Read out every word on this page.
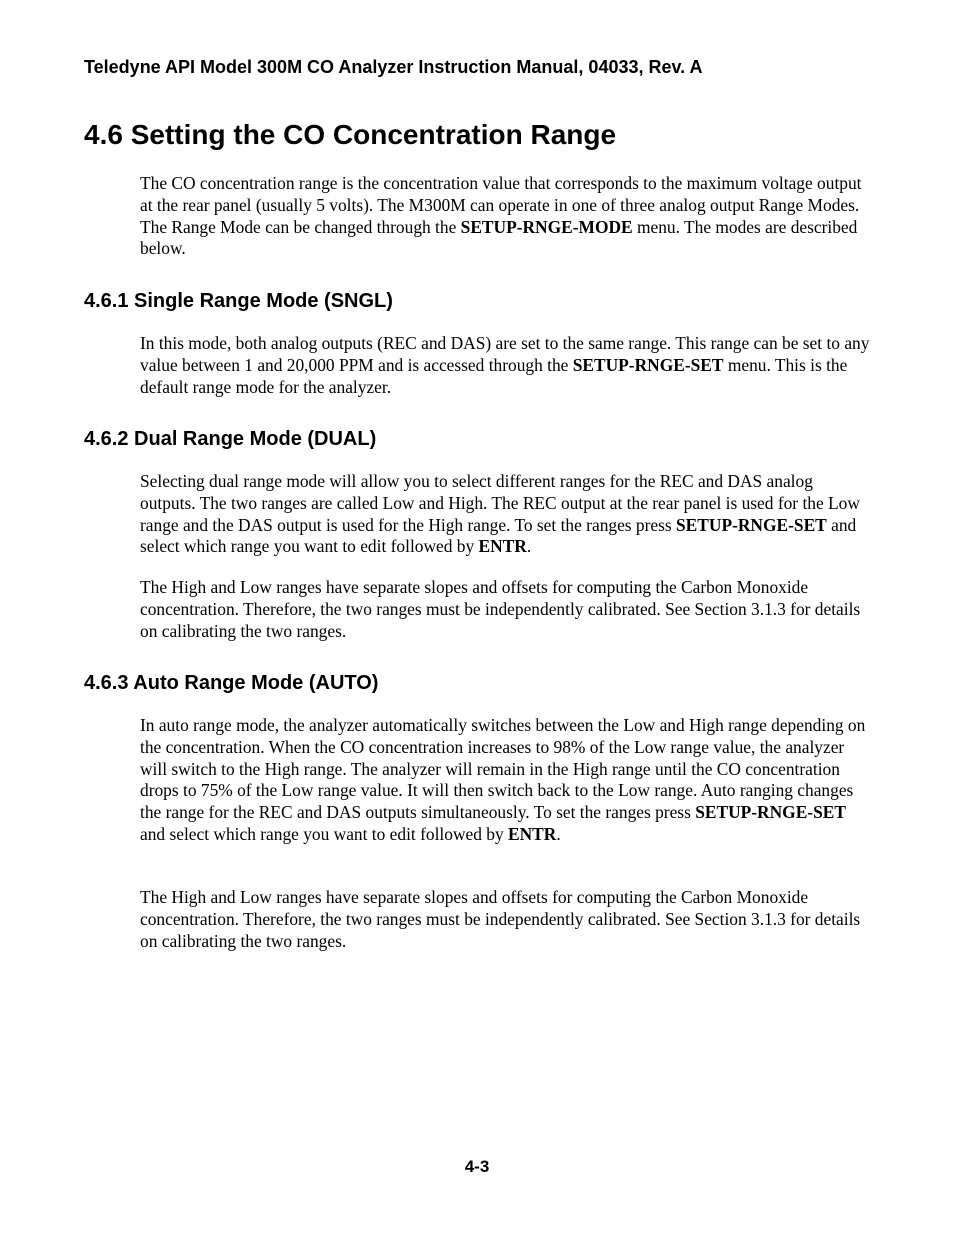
Teledyne API Model 300M CO Analyzer Instruction Manual, 04033, Rev. A
4.6 Setting the CO Concentration Range

The CO concentration range is the concentration value that corresponds to the maximum voltage output at the rear panel (usually 5 volts). The M300M can operate in one of three analog output Range Modes. The Range Mode can be changed through the SETUP-RNGE-MODE menu. The modes are described below.

4.6.1 Single Range Mode (SNGL)

In this mode, both analog outputs (REC and DAS) are set to the same range. This range can be set to any value between 1 and 20,000 PPM and is accessed through the SETUP-RNGE-SET menu. This is the default range mode for the analyzer.

4.6.2 Dual Range Mode (DUAL)

Selecting dual range mode will allow you to select different ranges for the REC and DAS analog outputs. The two ranges are called Low and High. The REC output at the rear panel is used for the Low range and the DAS output is used for the High range. To set the ranges press SETUP-RNGE-SET and select which range you want to edit followed by ENTR.

The High and Low ranges have separate slopes and offsets for computing the Carbon Monoxide concentration. Therefore, the two ranges must be independently calibrated. See Section 3.1.3 for details on calibrating the two ranges.

4.6.3 Auto Range Mode (AUTO)

In auto range mode, the analyzer automatically switches between the Low and High range depending on the concentration. When the CO concentration increases to 98% of the Low range value, the analyzer will switch to the High range. The analyzer will remain in the High range until the CO concentration drops to 75% of the Low range value. It will then switch back to the Low range. Auto ranging changes the range for the REC and DAS outputs simultaneously. To set the ranges press SETUP-RNGE-SET and select which range you want to edit followed by ENTR.

The High and Low ranges have separate slopes and offsets for computing the Carbon Monoxide concentration. Therefore, the two ranges must be independently calibrated. See Section 3.1.3 for details on calibrating the two ranges.

4-3
